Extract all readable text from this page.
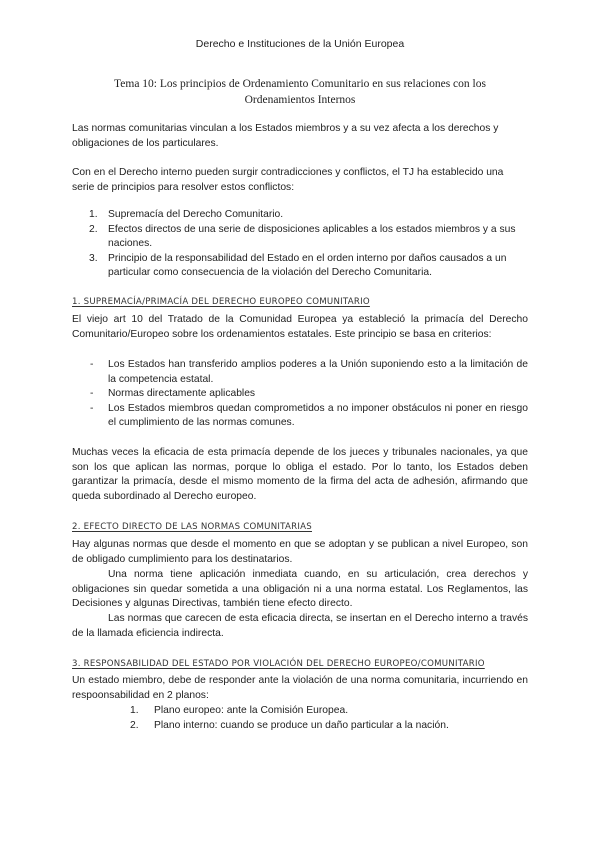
Derecho e Instituciones de la Unión Europea
Tema 10: Los principios de Ordenamiento Comunitario en sus relaciones con los
Ordenamientos Internos

Las normas comunitarias vinculan a los Estados miembros y a su vez afecta a los derechos y obligaciones de los particulares.

Con en el Derecho interno pueden surgir contradicciones y conflictos, el TJ ha establecido una serie de principios para resolver estos conflictos:

1. Supremacía del Derecho Comunitario.
2. Efectos directos de una serie de disposiciones aplicables a los estados miembros y a sus naciones.
3. Principio de la responsabilidad del Estado en el orden interno por daños causados a un particular como consecuencia de la violación del Derecho Comunitaria.
1. SUPREMACÍA/PRIMACÍA DEL DERECHO EUROPEO COMUNITARIO

El viejo art 10 del Tratado de la Comunidad Europea ya estableció la primacía del Derecho Comunitario/Europeo sobre los ordenamientos estatales. Este principio se basa en criterios:

- Los Estados han transferido amplios poderes a la Unión suponiendo esto a la limitación de la competencia estatal.
- Normas directamente aplicables
- Los Estados miembros quedan comprometidos a no imponer obstáculos ni poner en riesgo el cumplimiento de las normas comunes.

Muchas veces la eficacia de esta primacía depende de los jueces y tribunales nacionales, ya que son los que aplican las normas, porque lo obliga el estado. Por lo tanto, los Estados deben garantizar la primacía, desde el mismo momento de la firma del acta de adhesión, afirmando que queda subordinado al Derecho europeo.

2. EFECTO DIRECTO DE LAS NORMAS COMUNITARIAS

Hay algunas normas que desde el momento en que se adoptan y se publican a nivel Europeo, son de obligado cumplimiento para los destinatarios.

Una norma tiene aplicación inmediata cuando, en su articulación, crea derechos y obligaciones sin quedar sometida a una obligación ni a una norma estatal. Los Reglamentos, las Decisiones y algunas Directivas, también tiene efecto directo.

Las normas que carecen de esta eficacia directa, se insertan en el Derecho interno a través de la llamada eficiencia indirecta.

3. RESPONSABILIDAD DEL ESTADO POR VIOLACIÓN DEL DERECHO EUROPEO/COMUNITARIO

Un estado miembro, debe de responder ante la violación de una norma comunitaria, incurriendo en respoonsabilidad en 2 planos:

1. Plano europeo: ante la Comisión Europea.
2. Plano interno: cuando se produce un daño particular a la nación.
